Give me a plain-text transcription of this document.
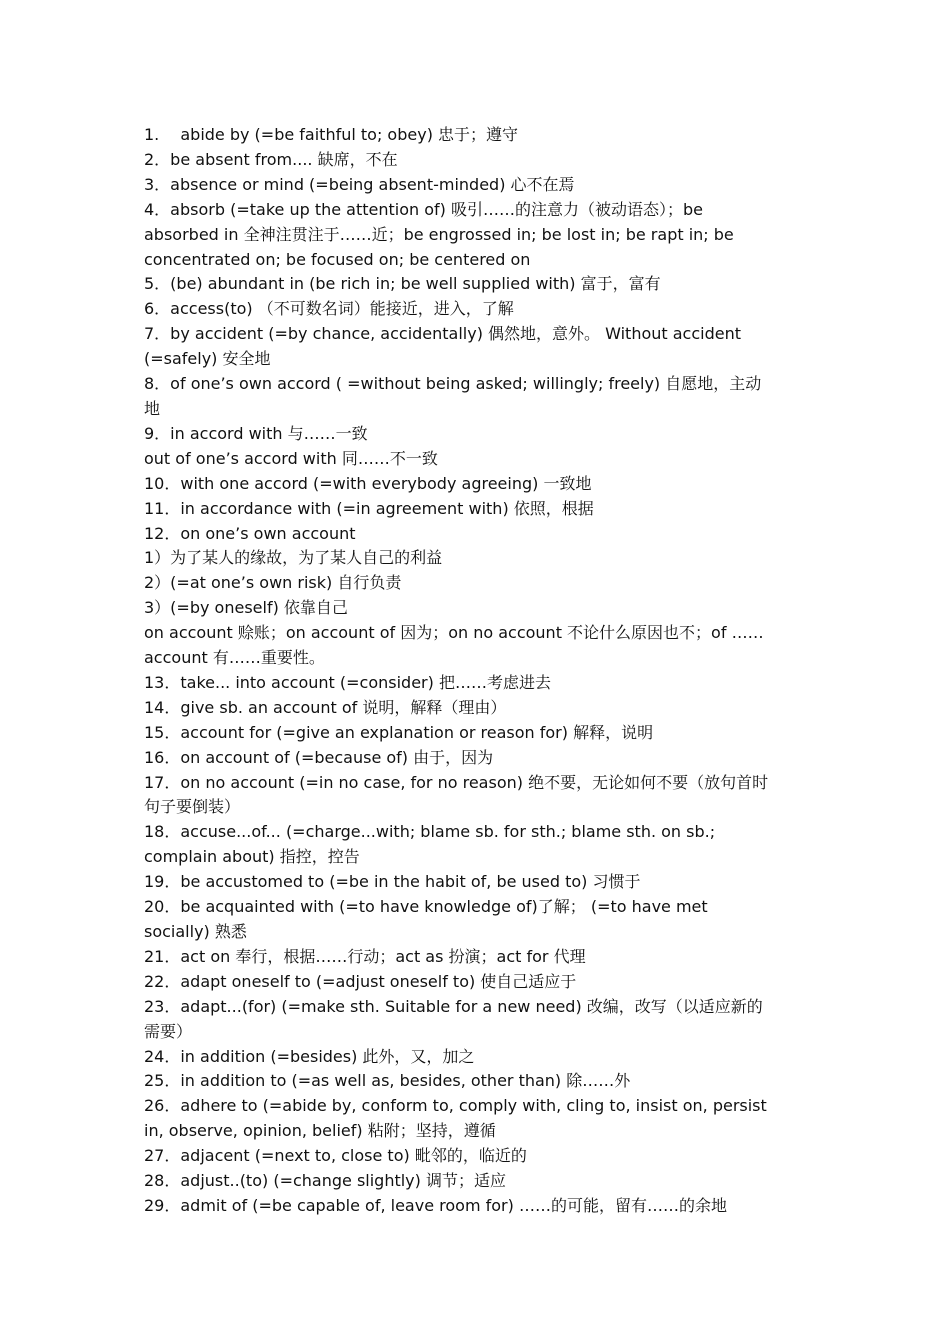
1.　 abide by (=be faithful to; obey) 忠于；遵守
2．be absent from.... 缺席，不在
3．absence or mind (=being absent-minded) 心不在焉
4．absorb (=take up the attention of) 吸引……的注意力（被动语态）；be
absorbed in 全神注贯注于……近；be engrossed in; be lost in; be rapt in; be
concentrated on; be focused on; be centered on
5．(be) abundant in (be rich in; be well supplied with) 富于，富有
6．access(to) （不可数名词）能接近，进入，了解
7．by accident (=by chance, accidentally) 偶然地，意外。 Without accident
(=safely) 安全地
8．of one’s own accord ( =without being asked; willingly; freely) 自愿地，主动
地
9．in accord with 与……一致
out of one’s accord with 同……不一致
10．with one accord (=with everybody agreeing) 一致地
11．in accordance with (=in agreement with) 依照，根据
12．on one’s own account
1）为了某人的缘故，为了某人自己的利益
2）(=at one’s own risk) 自行负责
3）(=by oneself) 依靠自己
on account 赊账；on account of 因为；on no account 不论什么原因也不；of ……
account 有……重要性。
13．take... into account (=consider) 把……考虑进去
14．give sb. an account of 说明，解释（理由）
15．account for (=give an explanation or reason for) 解释，说明
16．on account of (=because of) 由于，因为
17．on no account (=in no case, for no reason) 绝不要，无论如何不要（放句首时
句子要倒装）
18．accuse...of... (=charge...with; blame sb. for sth.; blame sth. on sb.;
complain about) 指控，控告
19．be accustomed to (=be in the habit of, be used to) 习惯于
20．be acquainted with (=to have knowledge of)了解； (=to have met
socially) 熟悉
21．act on 奉行，根据……行动；act as 扮演；act for 代理
22．adapt oneself to (=adjust oneself to) 使自己适应于
23．adapt...(for) (=make sth. Suitable for a new need) 改编，改写（以适应新的
需要）
24．in addition (=besides) 此外，又，加之
25．in addition to (=as well as, besides, other than) 除……外
26．adhere to (=abide by, conform to, comply with, cling to, insist on, persist
in, observe, opinion, belief) 粘附；坚持，遵循
27．adjacent (=next to, close to) 毗邻的，临近的
28．adjust..(to) (=change slightly) 调节；适应
29．admit of (=be capable of, leave room for) ……的可能，留有……的余地
